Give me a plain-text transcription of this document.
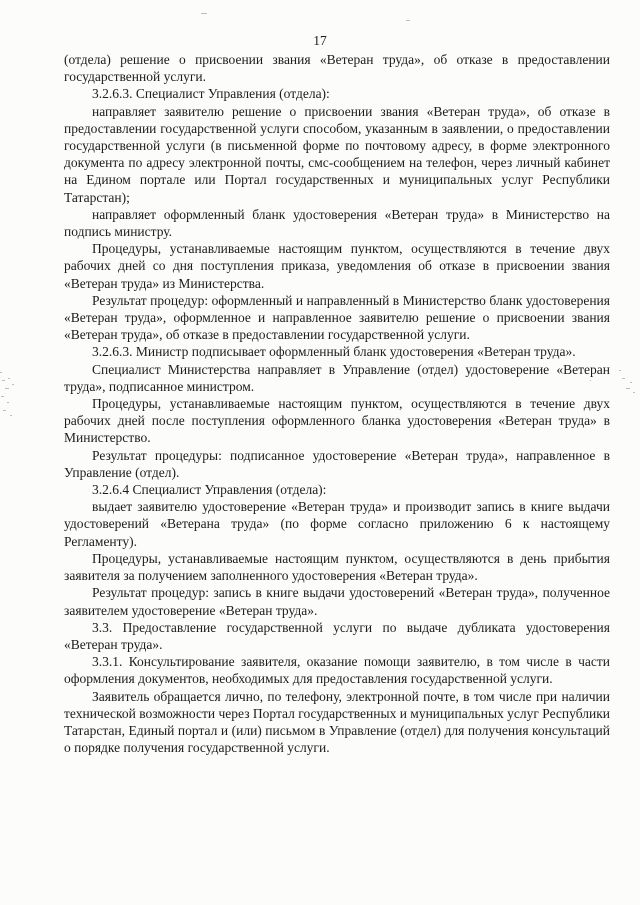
17

(отдела) решение о присвоении звания «Ветеран труда», об отказе в предоставлении государственной услуги.

3.2.6.3. Специалист Управления (отдела):

направляет заявителю решение о присвоении звания «Ветеран труда», об отказе в предоставлении государственной услуги способом, указанным в заявлении, о предоставлении государственной услуги (в письменной форме по почтовому адресу, в форме электронного документа по адресу электронной почты, смс-сообщением на телефон, через личный кабинет на Едином портале или Портал государственных и муниципальных услуг Республики Татарстан);

направляет оформленный бланк удостоверения «Ветеран труда» в Министерство на подпись министру.

Процедуры, устанавливаемые настоящим пунктом, осуществляются в течение двух рабочих дней со дня поступления приказа, уведомления об отказе в присвоении звания «Ветеран труда» из Министерства.

Результат процедур: оформленный и направленный в Министерство бланк удостоверения «Ветеран труда», оформленное и направленное заявителю решение о присвоении звания «Ветеран труда», об отказе в предоставлении государственной услуги.

3.2.6.3. Министр подписывает оформленный бланк удостоверения «Ветеран труда».

Специалист Министерства направляет в Управление (отдел) удостоверение «Ветеран труда», подписанное министром.

Процедуры, устанавливаемые настоящим пунктом, осуществляются в течение двух рабочих дней после поступления оформленного бланка удостоверения «Ветеран труда» в Министерство.

Результат процедуры: подписанное удостоверение «Ветеран труда», направленное в Управление (отдел).

3.2.6.4 Специалист Управления (отдела):

выдает заявителю удостоверение «Ветеран труда» и производит запись в книге выдачи удостоверений «Ветерана труда» (по форме согласно приложению 6 к настоящему Регламенту).

Процедуры, устанавливаемые настоящим пунктом, осуществляются в день прибытия заявителя за получением заполненного удостоверения «Ветеран труда».

Результат процедур: запись в книге выдачи удостоверений «Ветеран труда», полученное заявителем удостоверение «Ветеран труда».

3.3. Предоставление государственной услуги по выдаче дубликата удостоверения «Ветеран труда».

3.3.1. Консультирование заявителя, оказание помощи заявителю, в том числе в части оформления документов, необходимых для предоставления государственной услуги.

Заявитель обращается лично, по телефону, электронной почте, в том числе при наличии технической возможности через Портал государственных и муниципальных услуг Республики Татарстан, Единый портал и (или) письмом в Управление (отдел) для получения консультаций о порядке получения государственной услуги.
